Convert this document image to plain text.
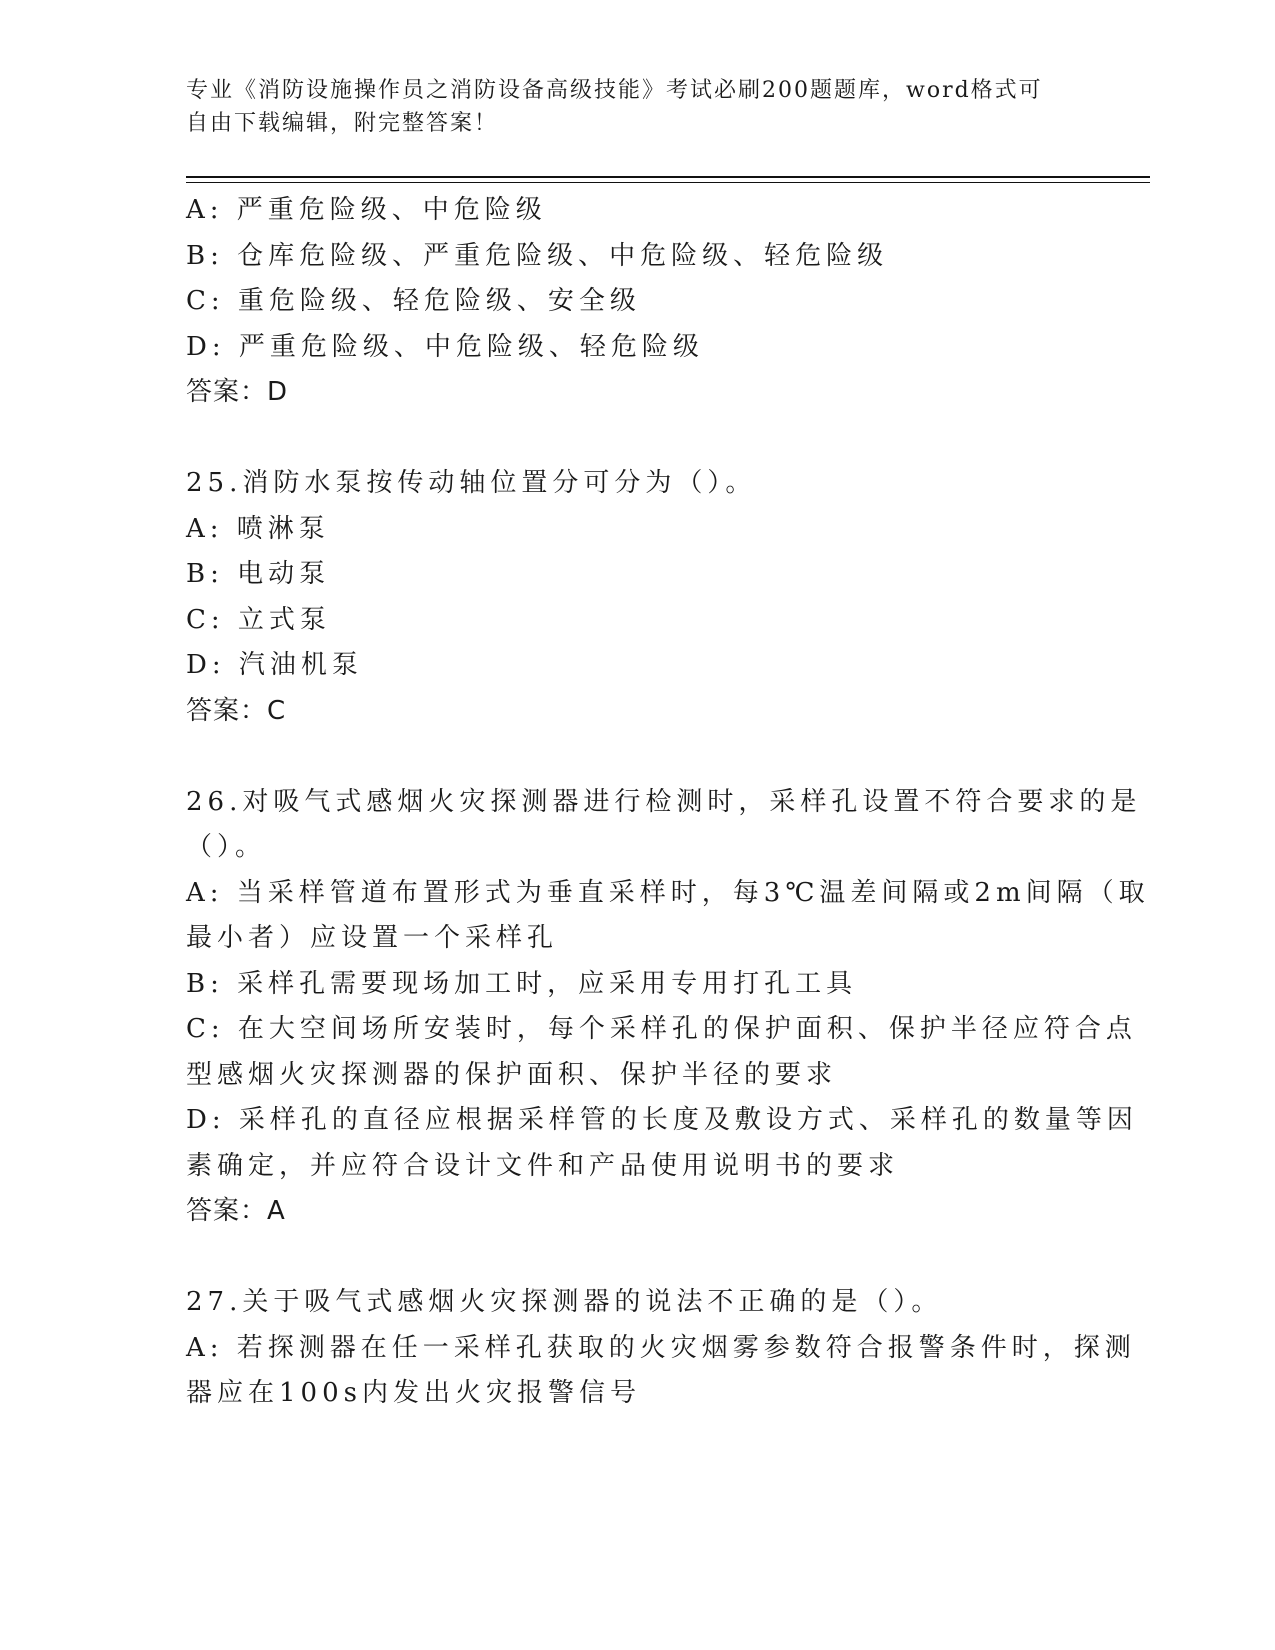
专业《消防设施操作员之消防设备高级技能》考试必刷200题题库，word格式可
自由下载编辑，附完整答案！
A: 严重危险级、中危险级
B: 仓库危险级、严重危险级、中危险级、轻危险级
C: 重危险级、轻危险级、安全级
D: 严重危险级、中危险级、轻危险级
答案：D
25.消防水泵按传动轴位置分可分为（）。
A: 喷淋泵
B: 电动泵
C: 立式泵
D: 汽油机泵
答案：C
26.对吸气式感烟火灾探测器进行检测时，采样孔设置不符合要求的是
（）。
A: 当采样管道布置形式为垂直采样时，每3℃温差间隔或2m间隔（取
最小者）应设置一个采样孔
B: 采样孔需要现场加工时，应采用专用打孔工具
C: 在大空间场所安装时，每个采样孔的保护面积、保护半径应符合点
型感烟火灾探测器的保护面积、保护半径的要求
D: 采样孔的直径应根据采样管的长度及敷设方式、采样孔的数量等因
素确定，并应符合设计文件和产品使用说明书的要求
答案：A
27.关于吸气式感烟火灾探测器的说法不正确的是（）。
A: 若探测器在任一采样孔获取的火灾烟雾参数符合报警条件时，探测
器应在100s内发出火灾报警信号
